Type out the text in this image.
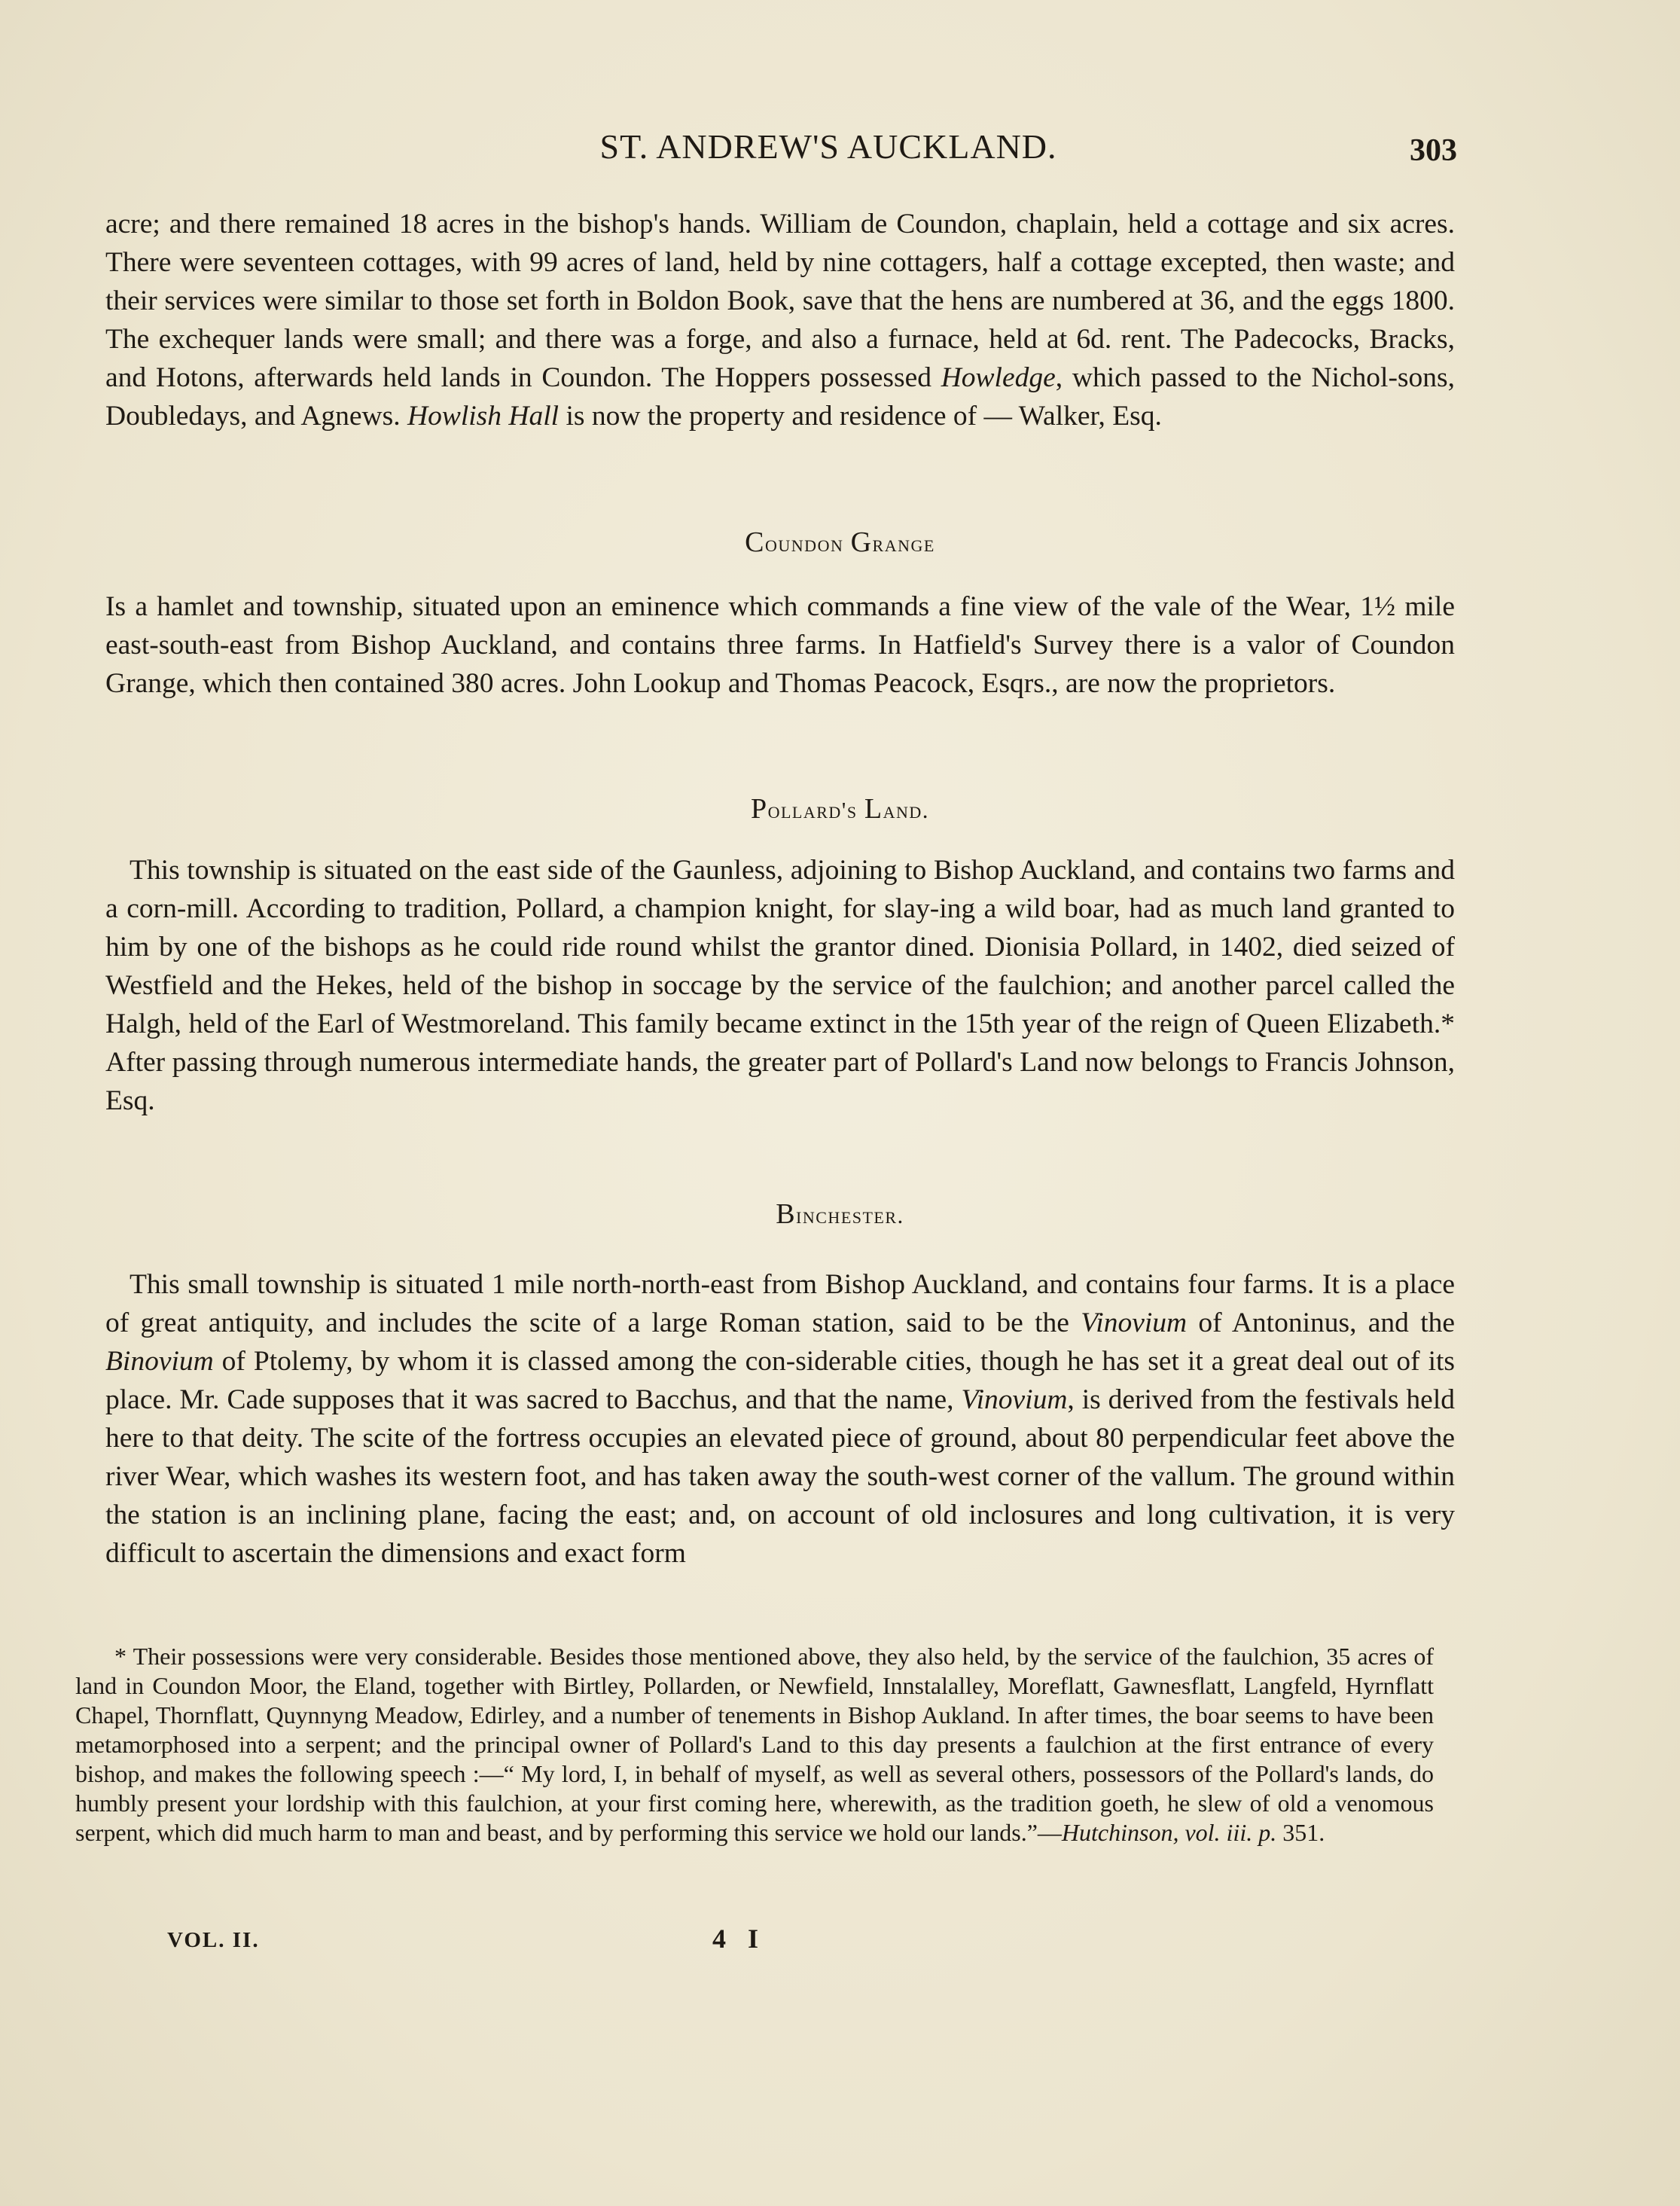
ST. ANDREW'S AUCKLAND.	303

acre; and there remained 18 acres in the bishop's hands. William de Coundon, chaplain, held a cottage and six acres. There were seventeen cottages, with 99 acres of land, held by nine cottagers, half a cottage excepted, then waste; and their services were similar to those set forth in Boldon Book, save that the hens are numbered at 36, and the eggs 1800. The exchequer lands were small; and there was a forge, and also a furnace, held at 6d. rent. The Padecocks, Bracks, and Hotons, afterwards held lands in Coundon. The Hoppers possessed Howledge, which passed to the Nichol-sons, Doubledays, and Agnews. Howlish Hall is now the property and residence of — Walker, Esq.

Coundon Grange

Is a hamlet and township, situated upon an eminence which commands a fine view of the vale of the Wear, 1½ mile east-south-east from Bishop Auckland, and contains three farms. In Hatfield's Survey there is a valor of Coundon Grange, which then contained 380 acres. John Lookup and Thomas Peacock, Esqrs., are now the proprietors.

Pollard's Land.

This township is situated on the east side of the Gaunless, adjoining to Bishop Auckland, and contains two farms and a corn-mill. According to tradition, Pollard, a champion knight, for slay-ing a wild boar, had as much land granted to him by one of the bishops as he could ride round whilst the grantor dined. Dionisia Pollard, in 1402, died seized of Westfield and the Hekes, held of the bishop in soccage by the service of the faulchion; and another parcel called the Halgh, held of the Earl of Westmoreland. This family became extinct in the 15th year of the reign of Queen Elizabeth.* After passing through numerous intermediate hands, the greater part of Pollard's Land now belongs to Francis Johnson, Esq.

Binchester.

This small township is situated 1 mile north-north-east from Bishop Auckland, and contains four farms. It is a place of great antiquity, and includes the scite of a large Roman station, said to be the Vinovium of Antoninus, and the Binovium of Ptolemy, by whom it is classed among the con-siderable cities, though he has set it a great deal out of its place. Mr. Cade supposes that it was sacred to Bacchus, and that the name, Vinovium, is derived from the festivals held here to that deity. The scite of the fortress occupies an elevated piece of ground, about 80 perpendicular feet above the river Wear, which washes its western foot, and has taken away the south-west corner of the vallum. The ground within the station is an inclining plane, facing the east; and, on account of old inclosures and long cultivation, it is very difficult to ascertain the dimensions and exact form

* Their possessions were very considerable. Besides those mentioned above, they also held, by the service of the faulchion, 35 acres of land in Coundon Moor, the Eland, together with Birtley, Pollarden, or Newfield, Innstalalley, Moreflatt, Gawnesflatt, Langfeld, Hyrnflatt Chapel, Thornflatt, Quynnyng Meadow, Edirley, and a number of tenements in Bishop Aukland. In after times, the boar seems to have been metamorphosed into a serpent; and the principal owner of Pollard's Land to this day presents a faulchion at the first entrance of every bishop, and makes the following speech :—“ My lord, I, in behalf of myself, as well as several others, possessors of the Pollard's lands, do humbly present your lordship with this faulchion, at your first coming here, wherewith, as the tradition goeth, he slew of old a venomous serpent, which did much harm to man and beast, and by performing this service we hold our lands.”—Hutchinson, vol. iii. p. 351.

VOL. II.	4 I
